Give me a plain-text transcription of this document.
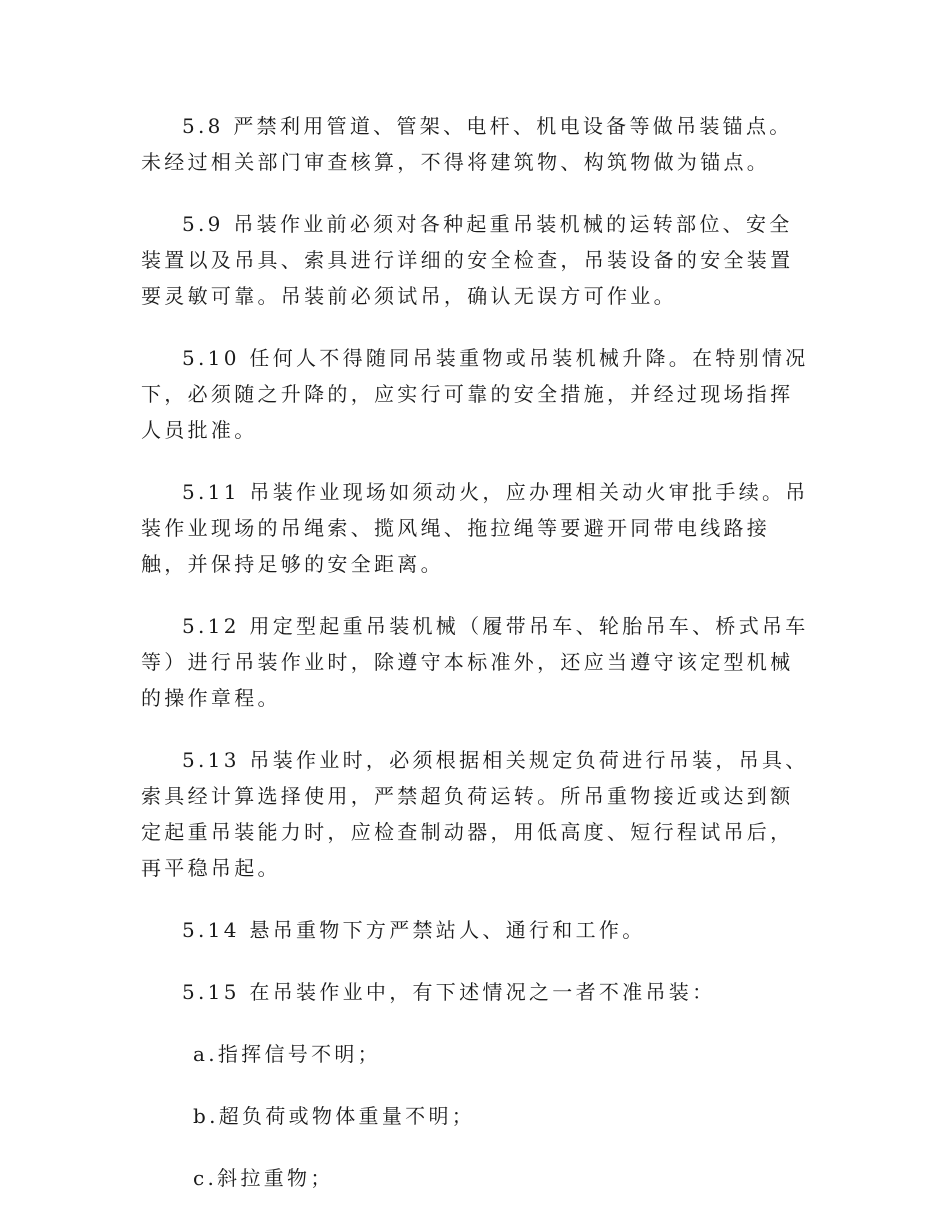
5.8 严禁利用管道、管架、电杆、机电设备等做吊装锚点。未经过相关部门审查核算，不得将建筑物、构筑物做为锚点。

5.9 吊装作业前必须对各种起重吊装机械的运转部位、安全装置以及吊具、索具进行详细的安全检查，吊装设备的安全装置要灵敏可靠。吊装前必须试吊，确认无误方可作业。

5.10 任何人不得随同吊装重物或吊装机械升降。在特别情况下，必须随之升降的，应实行可靠的安全措施，并经过现场指挥人员批准。

5.11 吊装作业现场如须动火，应办理相关动火审批手续。吊装作业现场的吊绳索、揽风绳、拖拉绳等要避开同带电线路接触，并保持足够的安全距离。

5.12 用定型起重吊装机械（履带吊车、轮胎吊车、桥式吊车等）进行吊装作业时，除遵守本标准外，还应当遵守该定型机械的操作章程。

5.13 吊装作业时，必须根据相关规定负荷进行吊装，吊具、索具经计算选择使用，严禁超负荷运转。所吊重物接近或达到额定起重吊装能力时，应检查制动器，用低高度、短行程试吊后，再平稳吊起。

5.14 悬吊重物下方严禁站人、通行和工作。

5.15 在吊装作业中，有下述情况之一者不准吊装：

a.指挥信号不明；

b.超负荷或物体重量不明；

c.斜拉重物；
